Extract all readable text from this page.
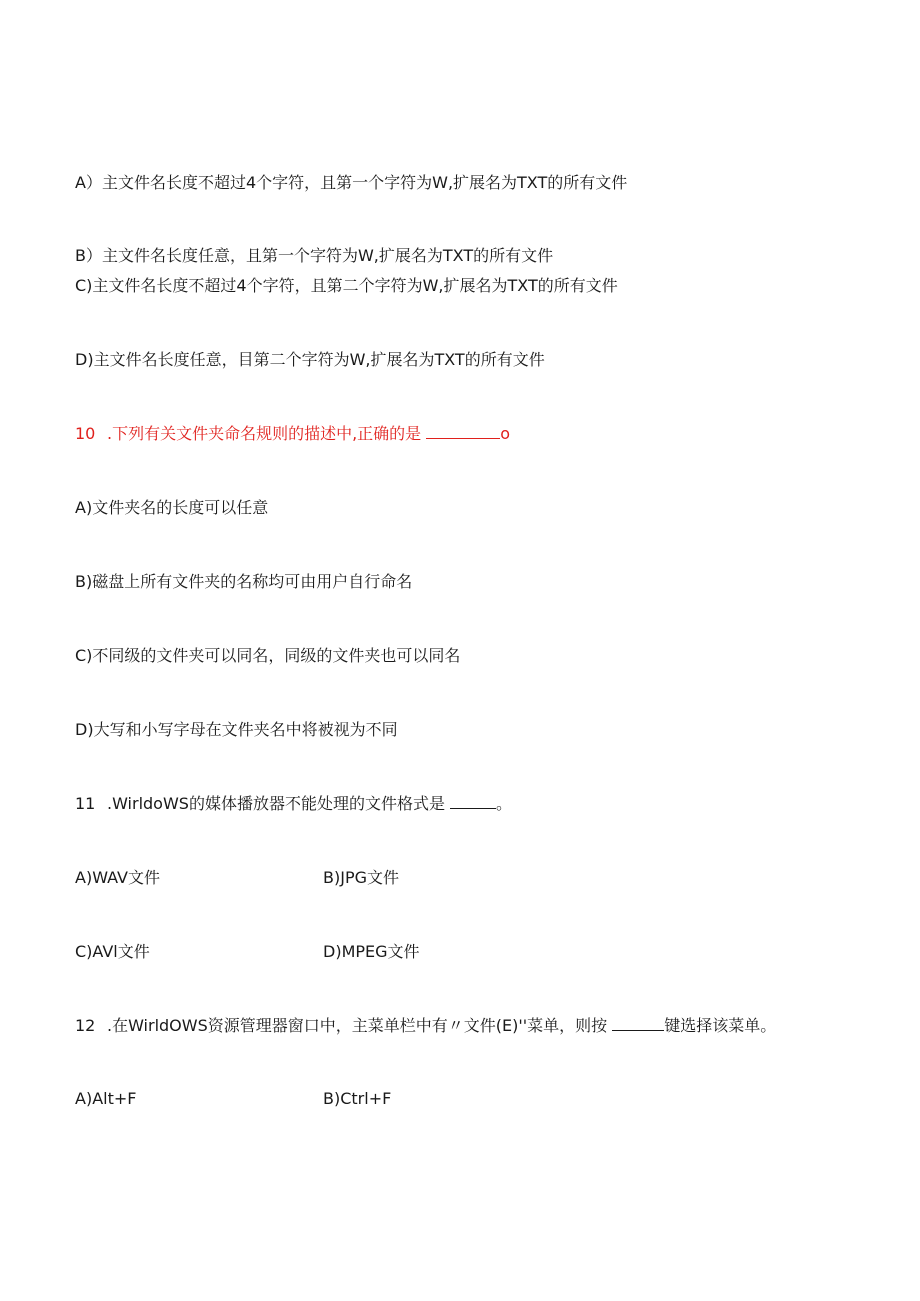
A）主文件名长度不超过4个字符，且第一个字符为W,扩展名为TXT的所有文件
B）主文件名长度任意，且第一个字符为W,扩展名为TXT的所有文件
C)主文件名长度不超过4个字符，且第二个字符为W,扩展名为TXT的所有文件
D)主文件名长度任意，目第二个字符为W,扩展名为TXT的所有文件
10 .下列有关文件夹命名规则的描述中,正确的是	o
A)文件夹名的长度可以任意
B)磁盘上所有文件夹的名称均可由用户自行命名
C)不同级的文件夹可以同名，同级的文件夹也可以同名
D)大写和小写字母在文件夹名中将被视为不同
11 .WirldoWS的媒体播放器不能处理的文件格式是	。
A)WAV文件	B)JPG文件
C)AVl文件	D)MPEG文件
12 .在WirldOWS资源管理器窗口中，主菜单栏中有〃文件(E)''菜单，则按	键选择该菜单。
A)Alt+F	B)Ctrl+F
